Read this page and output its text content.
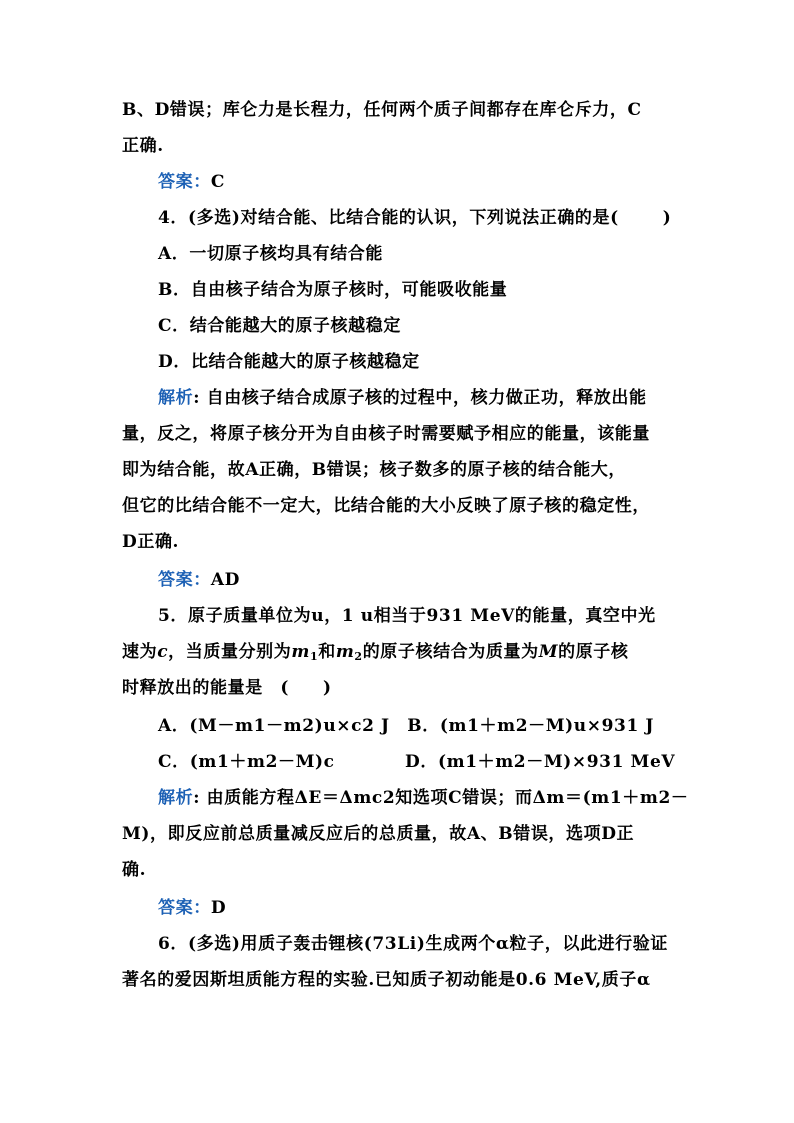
B、D错误；库仑力是长程力，任何两个质子间都存在库仑斥力，C
正确.
答案：C
4．(多选)对结合能、比结合能的认识，下列说法正确的是(	)
A．一切原子核均具有结合能
B．自由核子结合为原子核时，可能吸收能量
C．结合能越大的原子核越稳定
D．比结合能越大的原子核越稳定
解析: 自由核子结合成原子核的过程中，核力做正功，释放出能
量，反之，将原子核分开为自由核子时需要赋予相应的能量，该能量
即为结合能，故A正确，B错误；核子数多的原子核的结合能大，
但它的比结合能不一定大，比结合能的大小反映了原子核的稳定性，
D正确.
答案：AD
5．原子质量单位为u，1 u相当于931 MeV的能量，真空中光
速为c，当质量分别为$m_1$和$m_2$的原子核结合为质量为M的原子核
时释放出的能量是　( )
A．(M－m1－m2)u×c2 J　B．(m1＋m2－M)u×931 J
C．(m1＋m2－M)c　　　　D．(m1＋m2－M)×931 MeV
解析: 由质能方程ΔE＝Δmc2知选项C错误；而Δm＝(m1＋m2－
M)，即反应前总质量减反应后的总质量，故A、B错误，选项D正
确.
答案：D
6．(多选)用质子轰击锂核(73Li)生成两个α粒子，以此进行验证
著名的爱因斯坦质能方程的实验.已知质子初动能是0.6 MeV,质子α
